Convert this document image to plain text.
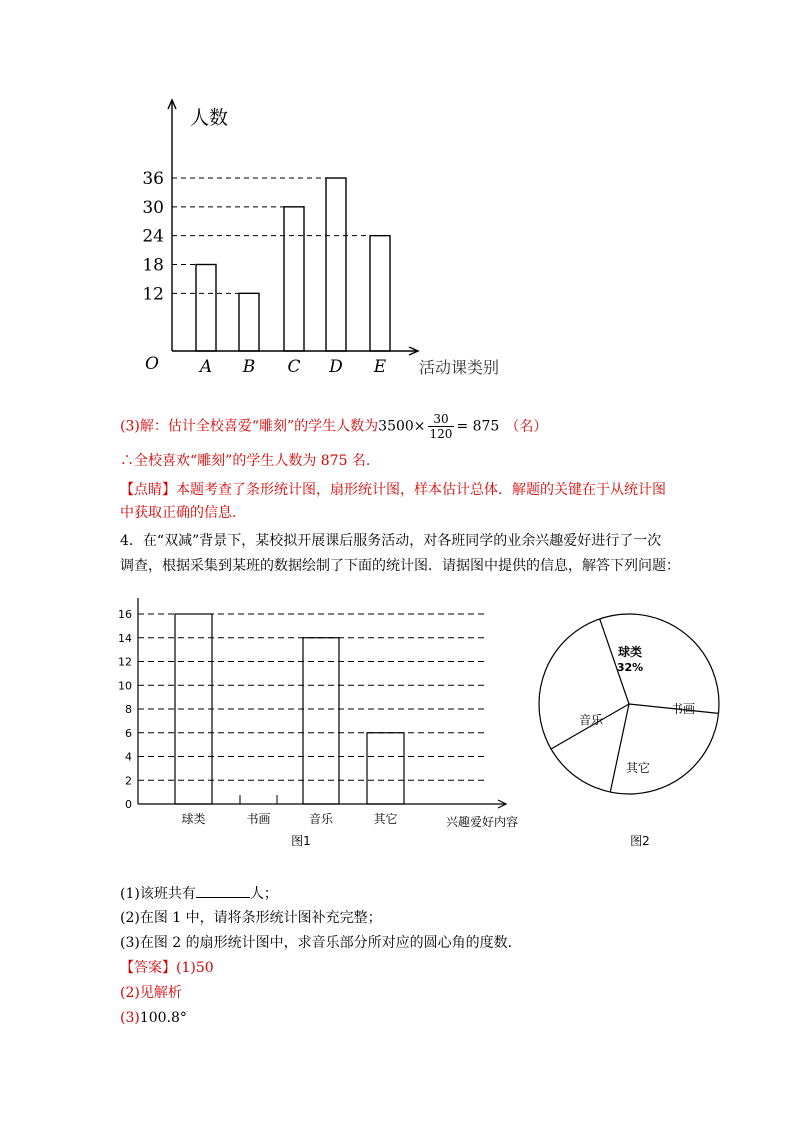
人数
活动课类别
O A B C D E
12
18
24
30
36
(3)解：估计全校喜爱“雕刻”的学生人数为$3500\times \frac{30}{120} = 875$ （名）
∴全校喜欢“雕刻”的学生人数为 875 名.
【点睛】本题考查了条形统计图，扇形统计图，样本估计总体．解题的关键在于从统计图
中获取正确的信息.
4．在“双减”背景下，某校拟开展课后服务活动，对各班同学的业余兴趣爱好进行了一次
调查，根据采集到某班的数据绘制了下面的统计图．请据图中提供的信息，解答下列问题：
0
2
4
6
8
10
12
14
16
球类	书画	音乐	其它	兴趣爱好内容
图1
球类
32%
书画
其它
音乐
图2
(1)该班共有	人；
(2)在图 1 中，请将条形统计图补充完整；
(3)在图 2 的扇形统计图中，求音乐部分所对应的圆心角的度数.
【答案】(1)50
(2)见解析
(3)100.8°
